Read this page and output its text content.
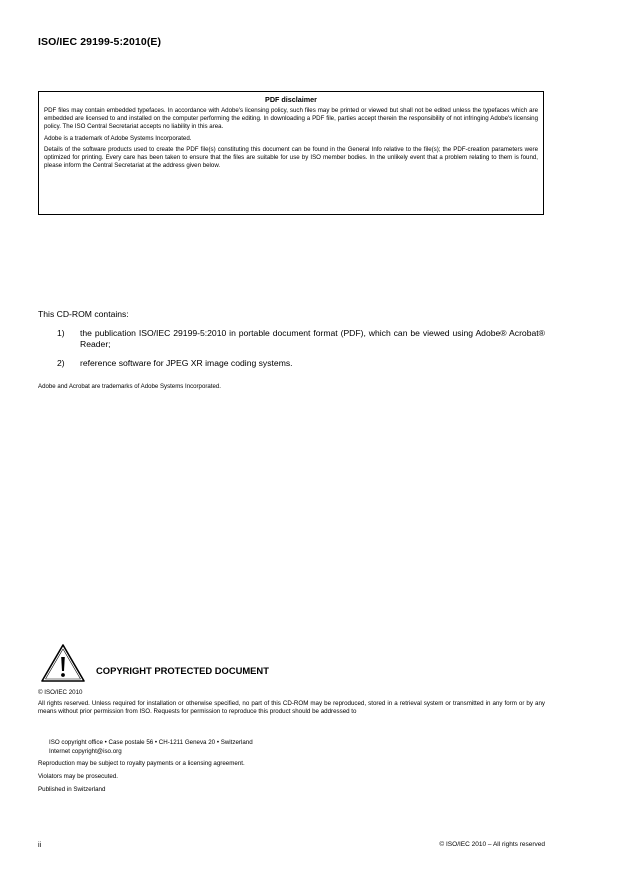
ISO/IEC 29199-5:2010(E)
PDF disclaimer

PDF files may contain embedded typefaces. In accordance with Adobe's licensing policy, such files may be printed or viewed but shall not be edited unless the typefaces which are embedded are licensed to and installed on the computer performing the editing. In downloading a PDF file, parties accept therein the responsibility of not infringing Adobe's licensing policy. The ISO Central Secretariat accepts no liability in this area.

Adobe is a trademark of Adobe Systems Incorporated.

Details of the software products used to create the PDF file(s) constituting this document can be found in the General Info relative to the file(s); the PDF-creation parameters were optimized for printing. Every care has been taken to ensure that the files are suitable for use by ISO member bodies. In the unlikely event that a problem relating to them is found, please inform the Central Secretariat at the address given below.

This CD-ROM contains:
1) the publication ISO/IEC 29199-5:2010 in portable document format (PDF), which can be viewed using Adobe® Acrobat® Reader;
2) reference software for JPEG XR image coding systems.
Adobe and Acrobat are trademarks of Adobe Systems Incorporated.
COPYRIGHT PROTECTED DOCUMENT
© ISO/IEC 2010
All rights reserved. Unless required for installation or otherwise specified, no part of this CD-ROM may be reproduced, stored in a retrieval system or transmitted in any form or by any means without prior permission from ISO. Requests for permission to reproduce this product should be addressed to
ISO copyright office • Case postale 56 • CH-1211 Geneva 20 • Switzerland
Internet copyright@iso.org
Reproduction may be subject to royalty payments or a licensing agreement.
Violators may be prosecuted.
Published in Switzerland
ii	© ISO/IEC 2010 – All rights reserved
